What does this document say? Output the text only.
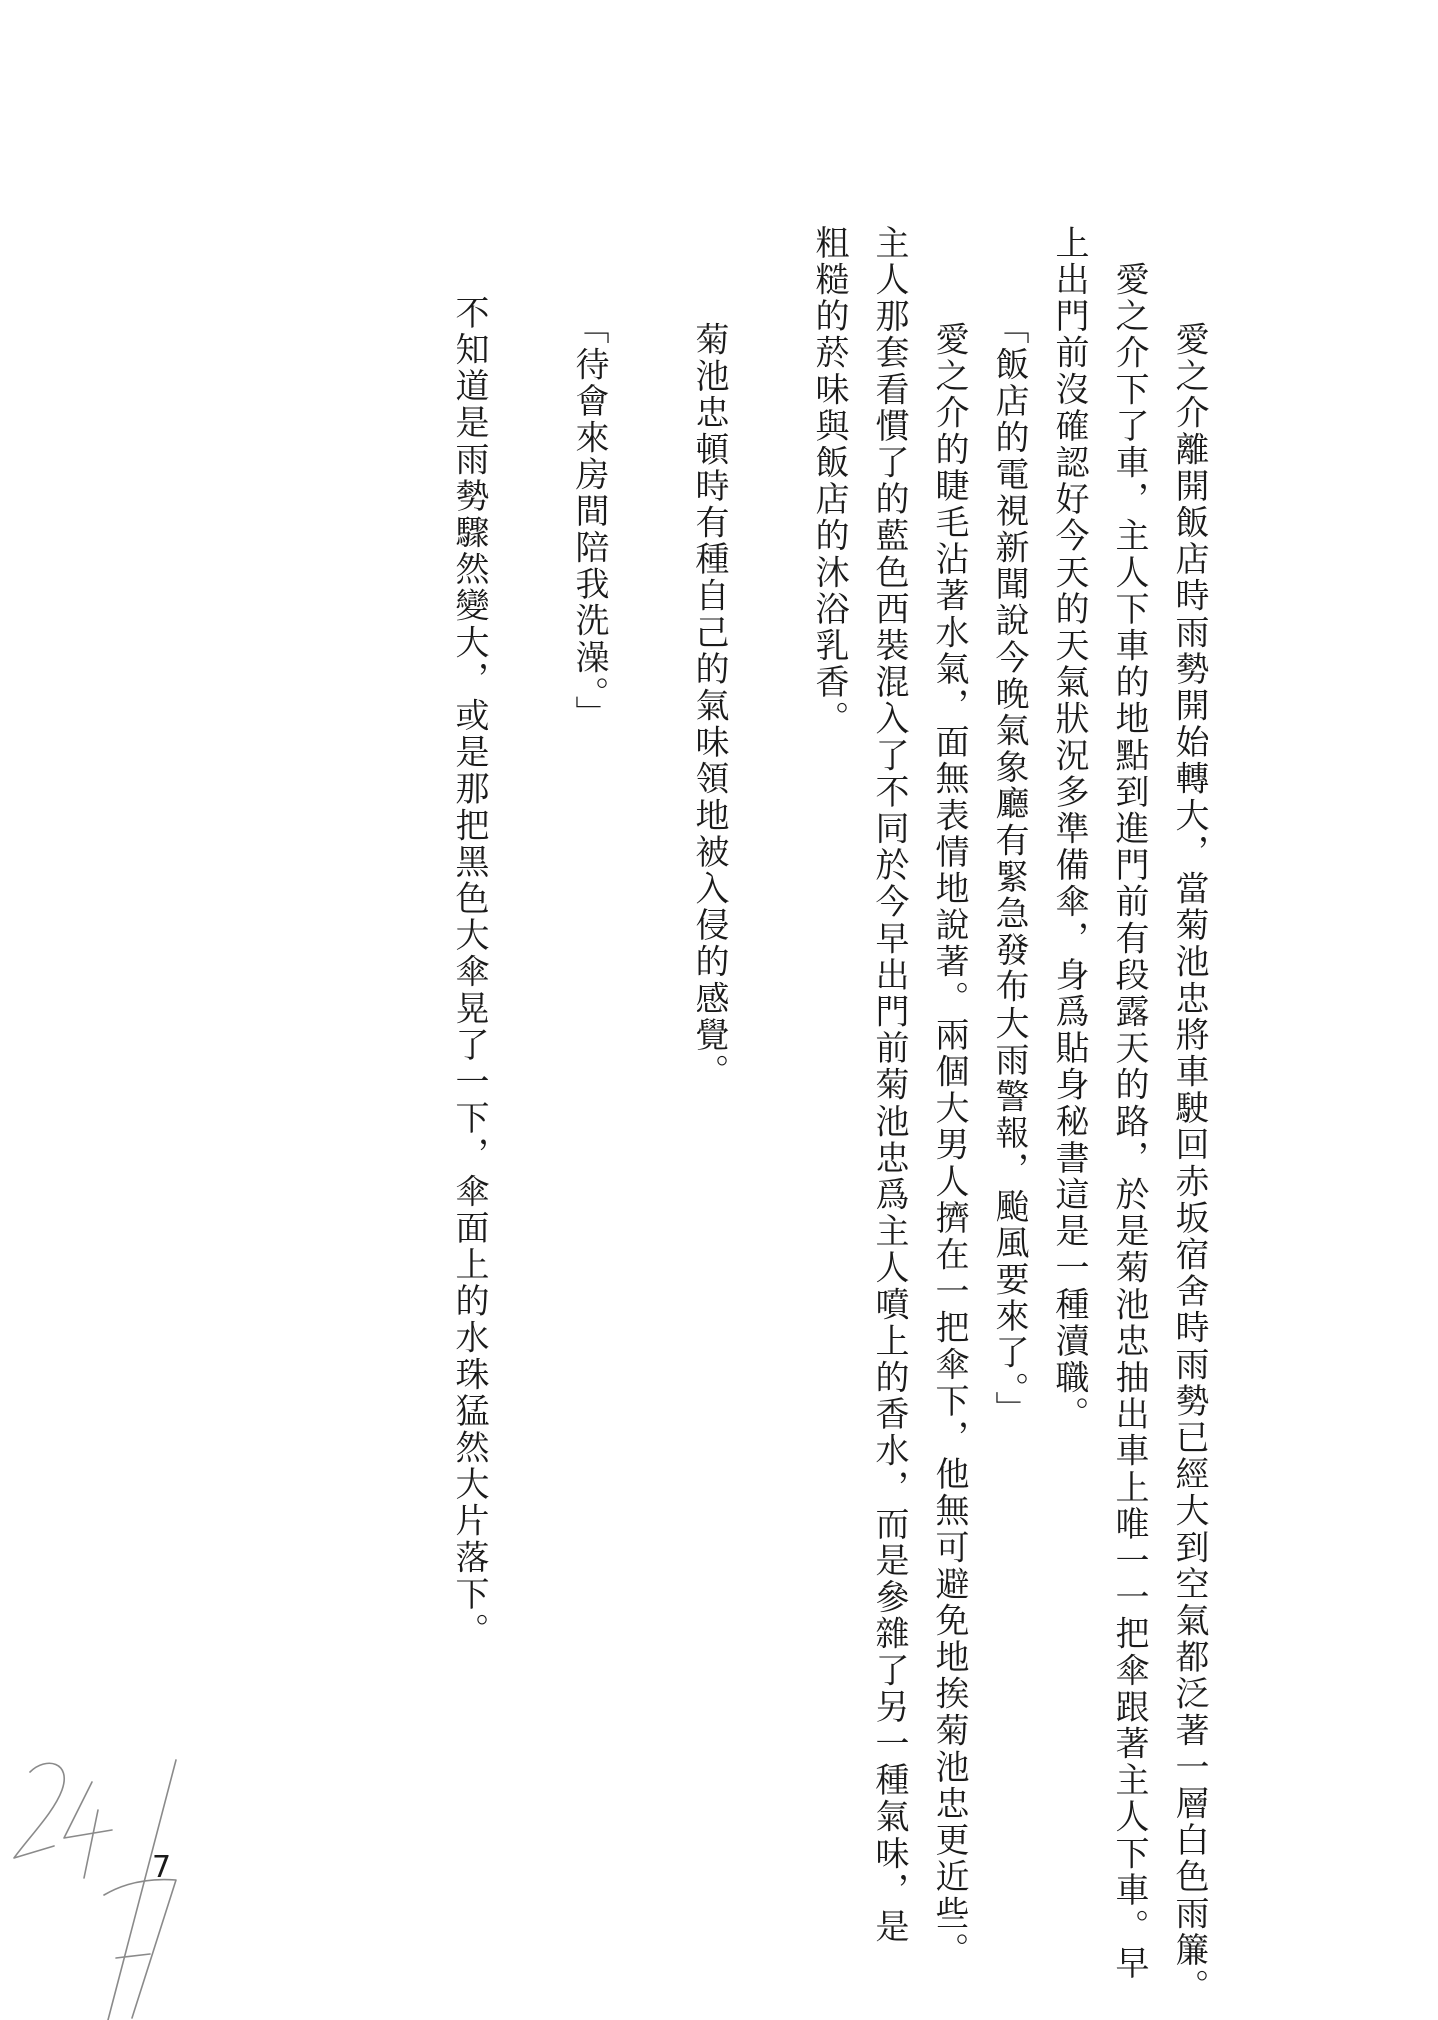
　愛之介離開飯店時雨勢開始轉大，當菊池忠將車駛回赤坂宿舍時雨勢已經大到空氣都泛著一層白色雨簾。

　愛之介下了車，主人下車的地點到進門前有段露天的路，於是菊池忠抽出車上唯一一把傘跟著主人下車。早

上出門前沒確認好今天的天氣狀況多準備傘，身爲貼身秘書這是一種瀆職。

「飯店的電視新聞說今晚氣象廳有緊急發布大雨警報，颱風要來了。」

　愛之介的睫毛沾著水氣，面無表情地說著。兩個大男人擠在一把傘下，他無可避免地挨菊池忠更近些。

主人那套看慣了的藍色西裝混入了不同於今早出門前菊池忠爲主人噴上的香水，而是參雜了另一種氣味，是

粗糙的菸味與飯店的沐浴乳香。

　菊池忠頓時有種自己的氣味領地被入侵的感覺。

「待會來房間陪我洗澡。」

不知道是雨勢驟然變大，或是那把黑色大傘晃了一下，傘面上的水珠猛然大片落下。

7
